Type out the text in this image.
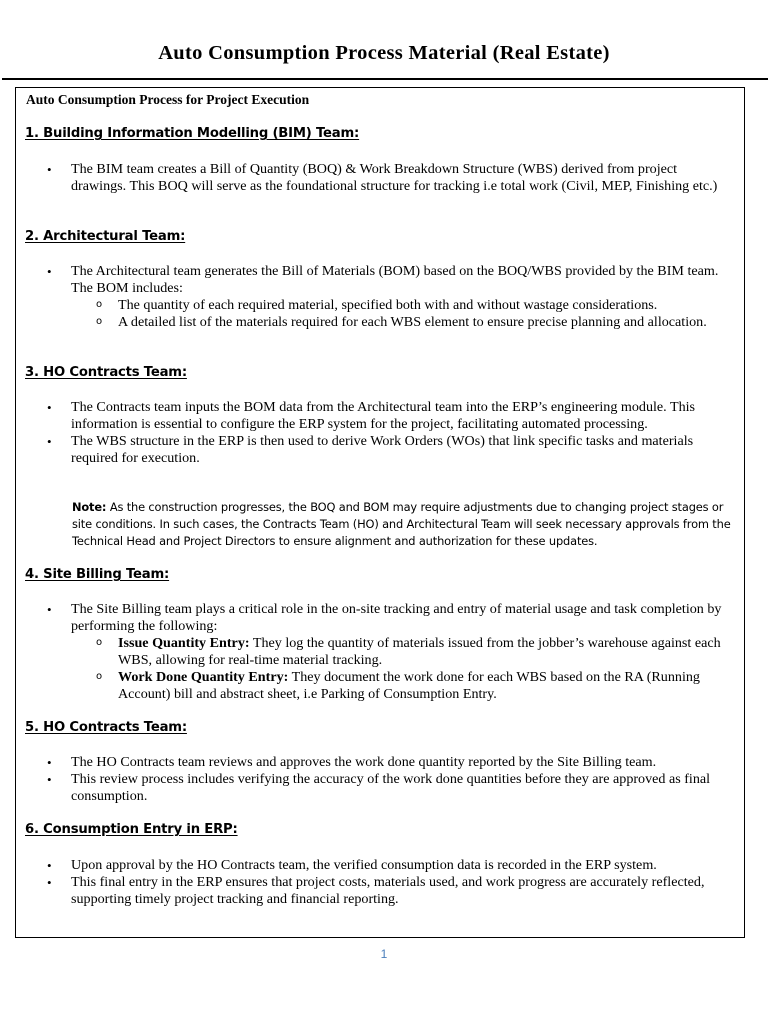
Auto Consumption Process Material (Real Estate)
Auto Consumption Process for Project Execution
1. Building Information Modelling (BIM) Team:
• The BIM team creates a Bill of Quantity (BOQ) & Work Breakdown Structure (WBS) derived from project drawings. This BOQ will serve as the foundational structure for tracking i.e total work (Civil, MEP, Finishing etc.)
2. Architectural Team:
• The Architectural team generates the Bill of Materials (BOM) based on the BOQ/WBS provided by the BIM team. The BOM includes:
o The quantity of each required material, specified both with and without wastage considerations.
o A detailed list of the materials required for each WBS element to ensure precise planning and allocation.
3. HO Contracts Team:
• The Contracts team inputs the BOM data from the Architectural team into the ERP’s engineering module. This information is essential to configure the ERP system for the project, facilitating automated processing.
• The WBS structure in the ERP is then used to derive Work Orders (WOs) that link specific tasks and materials required for execution.
Note: As the construction progresses, the BOQ and BOM may require adjustments due to changing project stages or site conditions. In such cases, the Contracts Team (HO) and Architectural Team will seek necessary approvals from the Technical Head and Project Directors to ensure alignment and authorization for these updates.
4. Site Billing Team:
• The Site Billing team plays a critical role in the on-site tracking and entry of material usage and task completion by performing the following:
o Issue Quantity Entry: They log the quantity of materials issued from the jobber’s warehouse against each WBS, allowing for real-time material tracking.
o Work Done Quantity Entry: They document the work done for each WBS based on the RA (Running Account) bill and abstract sheet, i.e Parking of Consumption Entry.
5. HO Contracts Team:
• The HO Contracts team reviews and approves the work done quantity reported by the Site Billing team.
• This review process includes verifying the accuracy of the work done quantities before they are approved as final consumption.
6. Consumption Entry in ERP:
• Upon approval by the HO Contracts team, the verified consumption data is recorded in the ERP system.
• This final entry in the ERP ensures that project costs, materials used, and work progress are accurately reflected, supporting timely project tracking and financial reporting.
1
